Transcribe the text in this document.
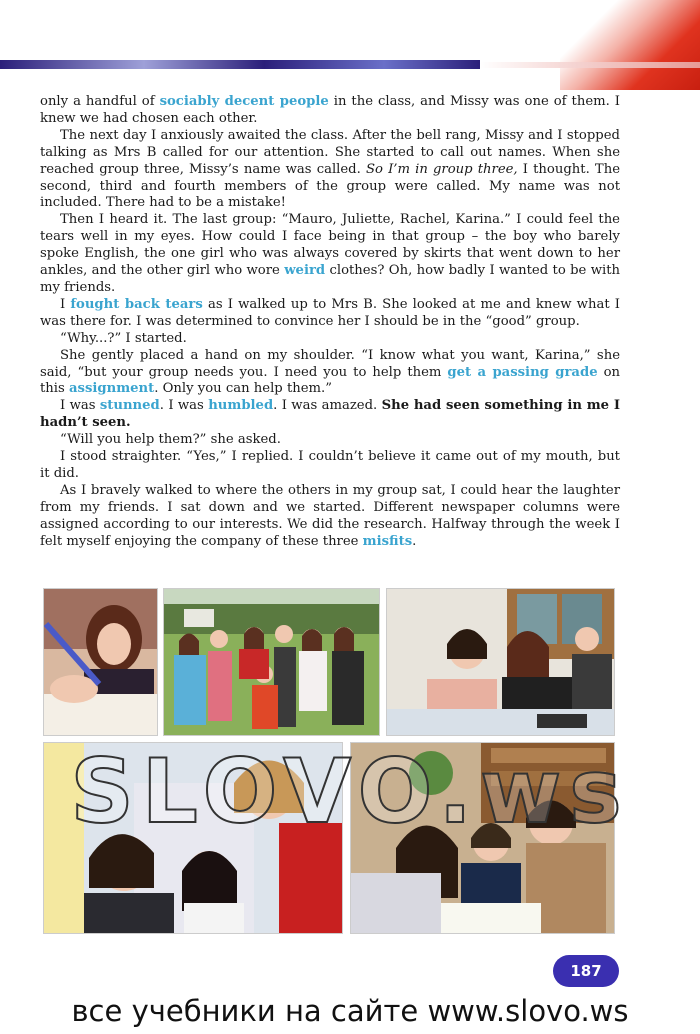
only a handful of sociably decent people in the class, and Missy was one of them. I knew we had chosen each other.

The next day I anxiously awaited the class. After the bell rang, Missy and I stopped talking as Mrs B called for our attention. She started to call out names. When she reached group three, Missy’s name was called. So I’m in group three, I thought. The second, third and fourth members of the group were called. My name was not included. There had to be a mistake!

Then I heard it. The last group: “Mauro, Juliette, Rachel, Karina.” I could feel the tears well in my eyes. How could I face being in that group – the boy who barely spoke English, the one girl who was always covered by skirts that went down to her ankles, and the other girl who wore weird clothes? Oh, how badly I wanted to be with my friends.

I fought back tears as I walked up to Mrs B. She looked at me and knew what I was there for. I was determined to convince her I should be in the “good” group.

“Why...?” I started.

She gently placed a hand on my shoulder. “I know what you want, Karina,” she said, “but your group needs you. I need you to help them get a passing grade on this assignment. Only you can help them.”

I was stunned. I was humbled. I was amazed. She had seen something in me I hadn’t seen.

“Will you help them?” she asked.

I stood straighter. “Yes,” I replied. I couldn’t believe it came out of my mouth, but it did.

As I bravely walked to where the others in my group sat, I could hear the laughter from my friends. I sat down and we started. Different newspaper columns were assigned according to our interests. We did the research. Halfway through the week I felt myself enjoying the company of these three misfits.

SLOVO.ws
187
все учебники на сайте www.slovo.ws
